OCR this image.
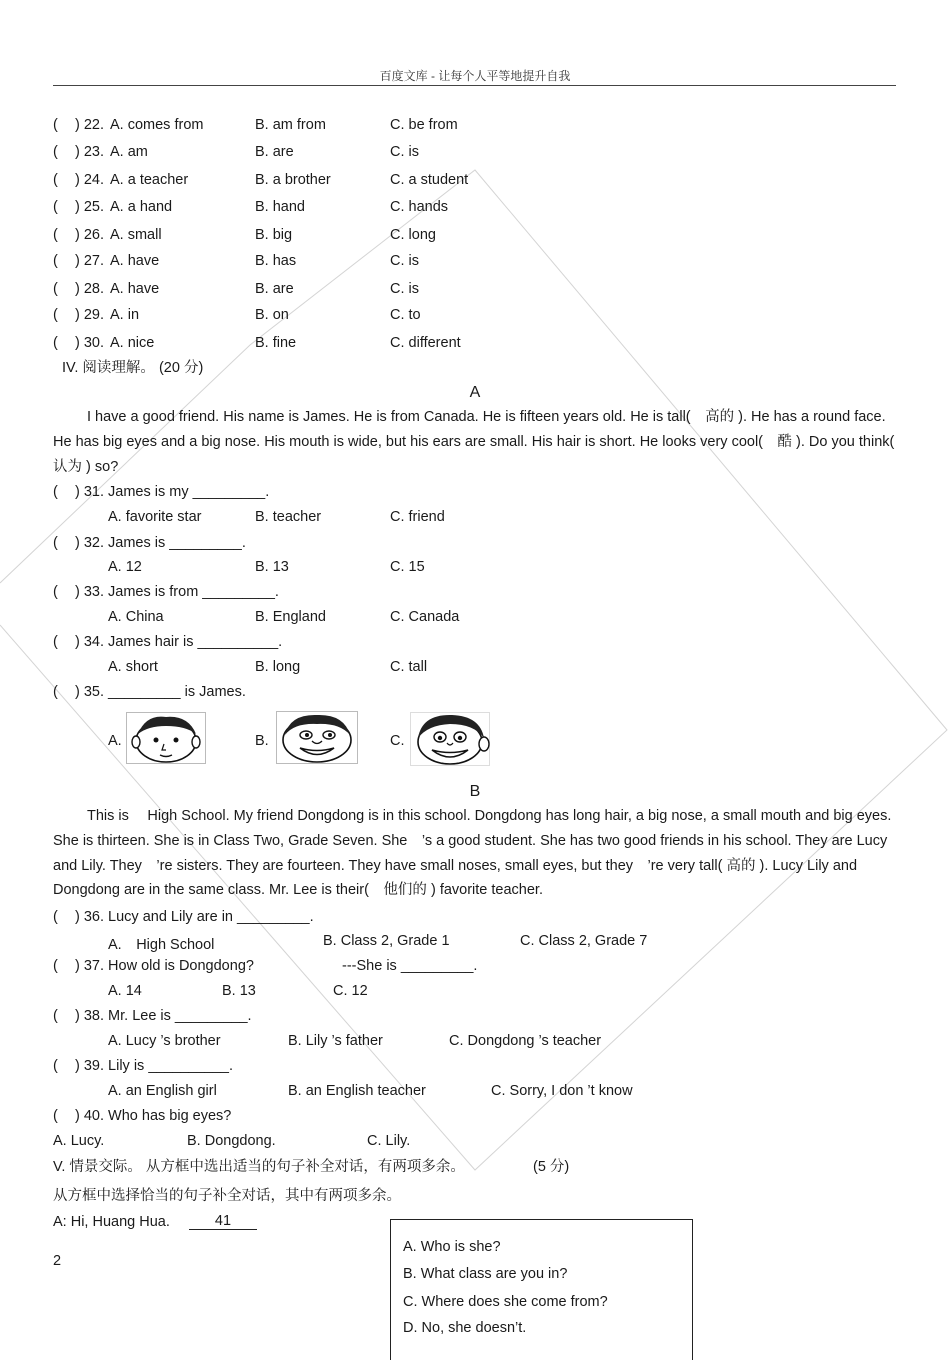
百度文库 - 让每个人平等地提升自我
( ) 22. A. comes from	B. am from	C. be from
( ) 23. A. am	B. are	C. is
( ) 24. A. a teacher	B. a brother	C. a student
( ) 25. A. a hand	B. hand	C. hands
( ) 26. A. small	B. big	C. long
( ) 27. A. have	B. has	C. is
( ) 28. A. have	B. are	C. is
( ) 29. A. in	B. on	C. to
( ) 30. A. nice	B. fine	C. different
IV. 阅读理解。 (20 分)
A
I have a good friend. His name is James. He is from Canada. He is fifteen years old. He is tall(　高的 ). He has a round face. He has big eyes and a big nose. His mouth is wide, but his ears are small. His hair is short. He looks very cool(　酷 ). Do you think( 认为 ) so?
( ) 31. James is my _________.
A. favorite star	B. teacher	C. friend
( ) 32. James is _________.
A. 12	B. 13	C. 15
( ) 33. James is from _________.
A. China	B. England	C. Canada
( ) 34. James hair is __________.
A. short	B. long	C. tall
( ) 35. _________ is James.
A.	B.	C.
B
This is 　High School. My friend Dongdong is in this school. Dongdong has long hair, a big nose, a small mouth and big eyes. She is thirteen. She is in Class Two, Grade Seven. She　’s a good student. She has two good friends in his school. They are Lucy and Lily. They　’re sisters. They are fourteen. They have small noses, small eyes, but they　’re very tall( 高的 ). Lucy Lily and Dongdong are in the same class. Mr. Lee is their(　他们的 ) favorite teacher.
( ) 36. Lucy and Lily are in _________.
A.　High School	B. Class 2, Grade 1	C. Class 2, Grade 7
( ) 37. How old is Dongdong?	---She is _________.
A. 14	B. 13	C. 12
( ) 38. Mr. Lee is _________.
A. Lucy ’s brother	B. Lily ’s father	C. Dongdong ’s teacher
( ) 39. Lily is __________.
A. an English girl	B. an English teacher	C. Sorry, I don ’t know
( ) 40. Who has big eyes?
A. Lucy.	B. Dongdong.	C. Lily.
V. 情景交际。 从方框中选出适当的句子补全对话，有两项多余。	(5 分)
从方框中选择恰当的句子补全对话，其中有两项多余。
A: Hi, Huang Hua.	41
A. Who is she?
B. What class are you in?
C. Where does she come from?
D. No, she doesn’t.
2
